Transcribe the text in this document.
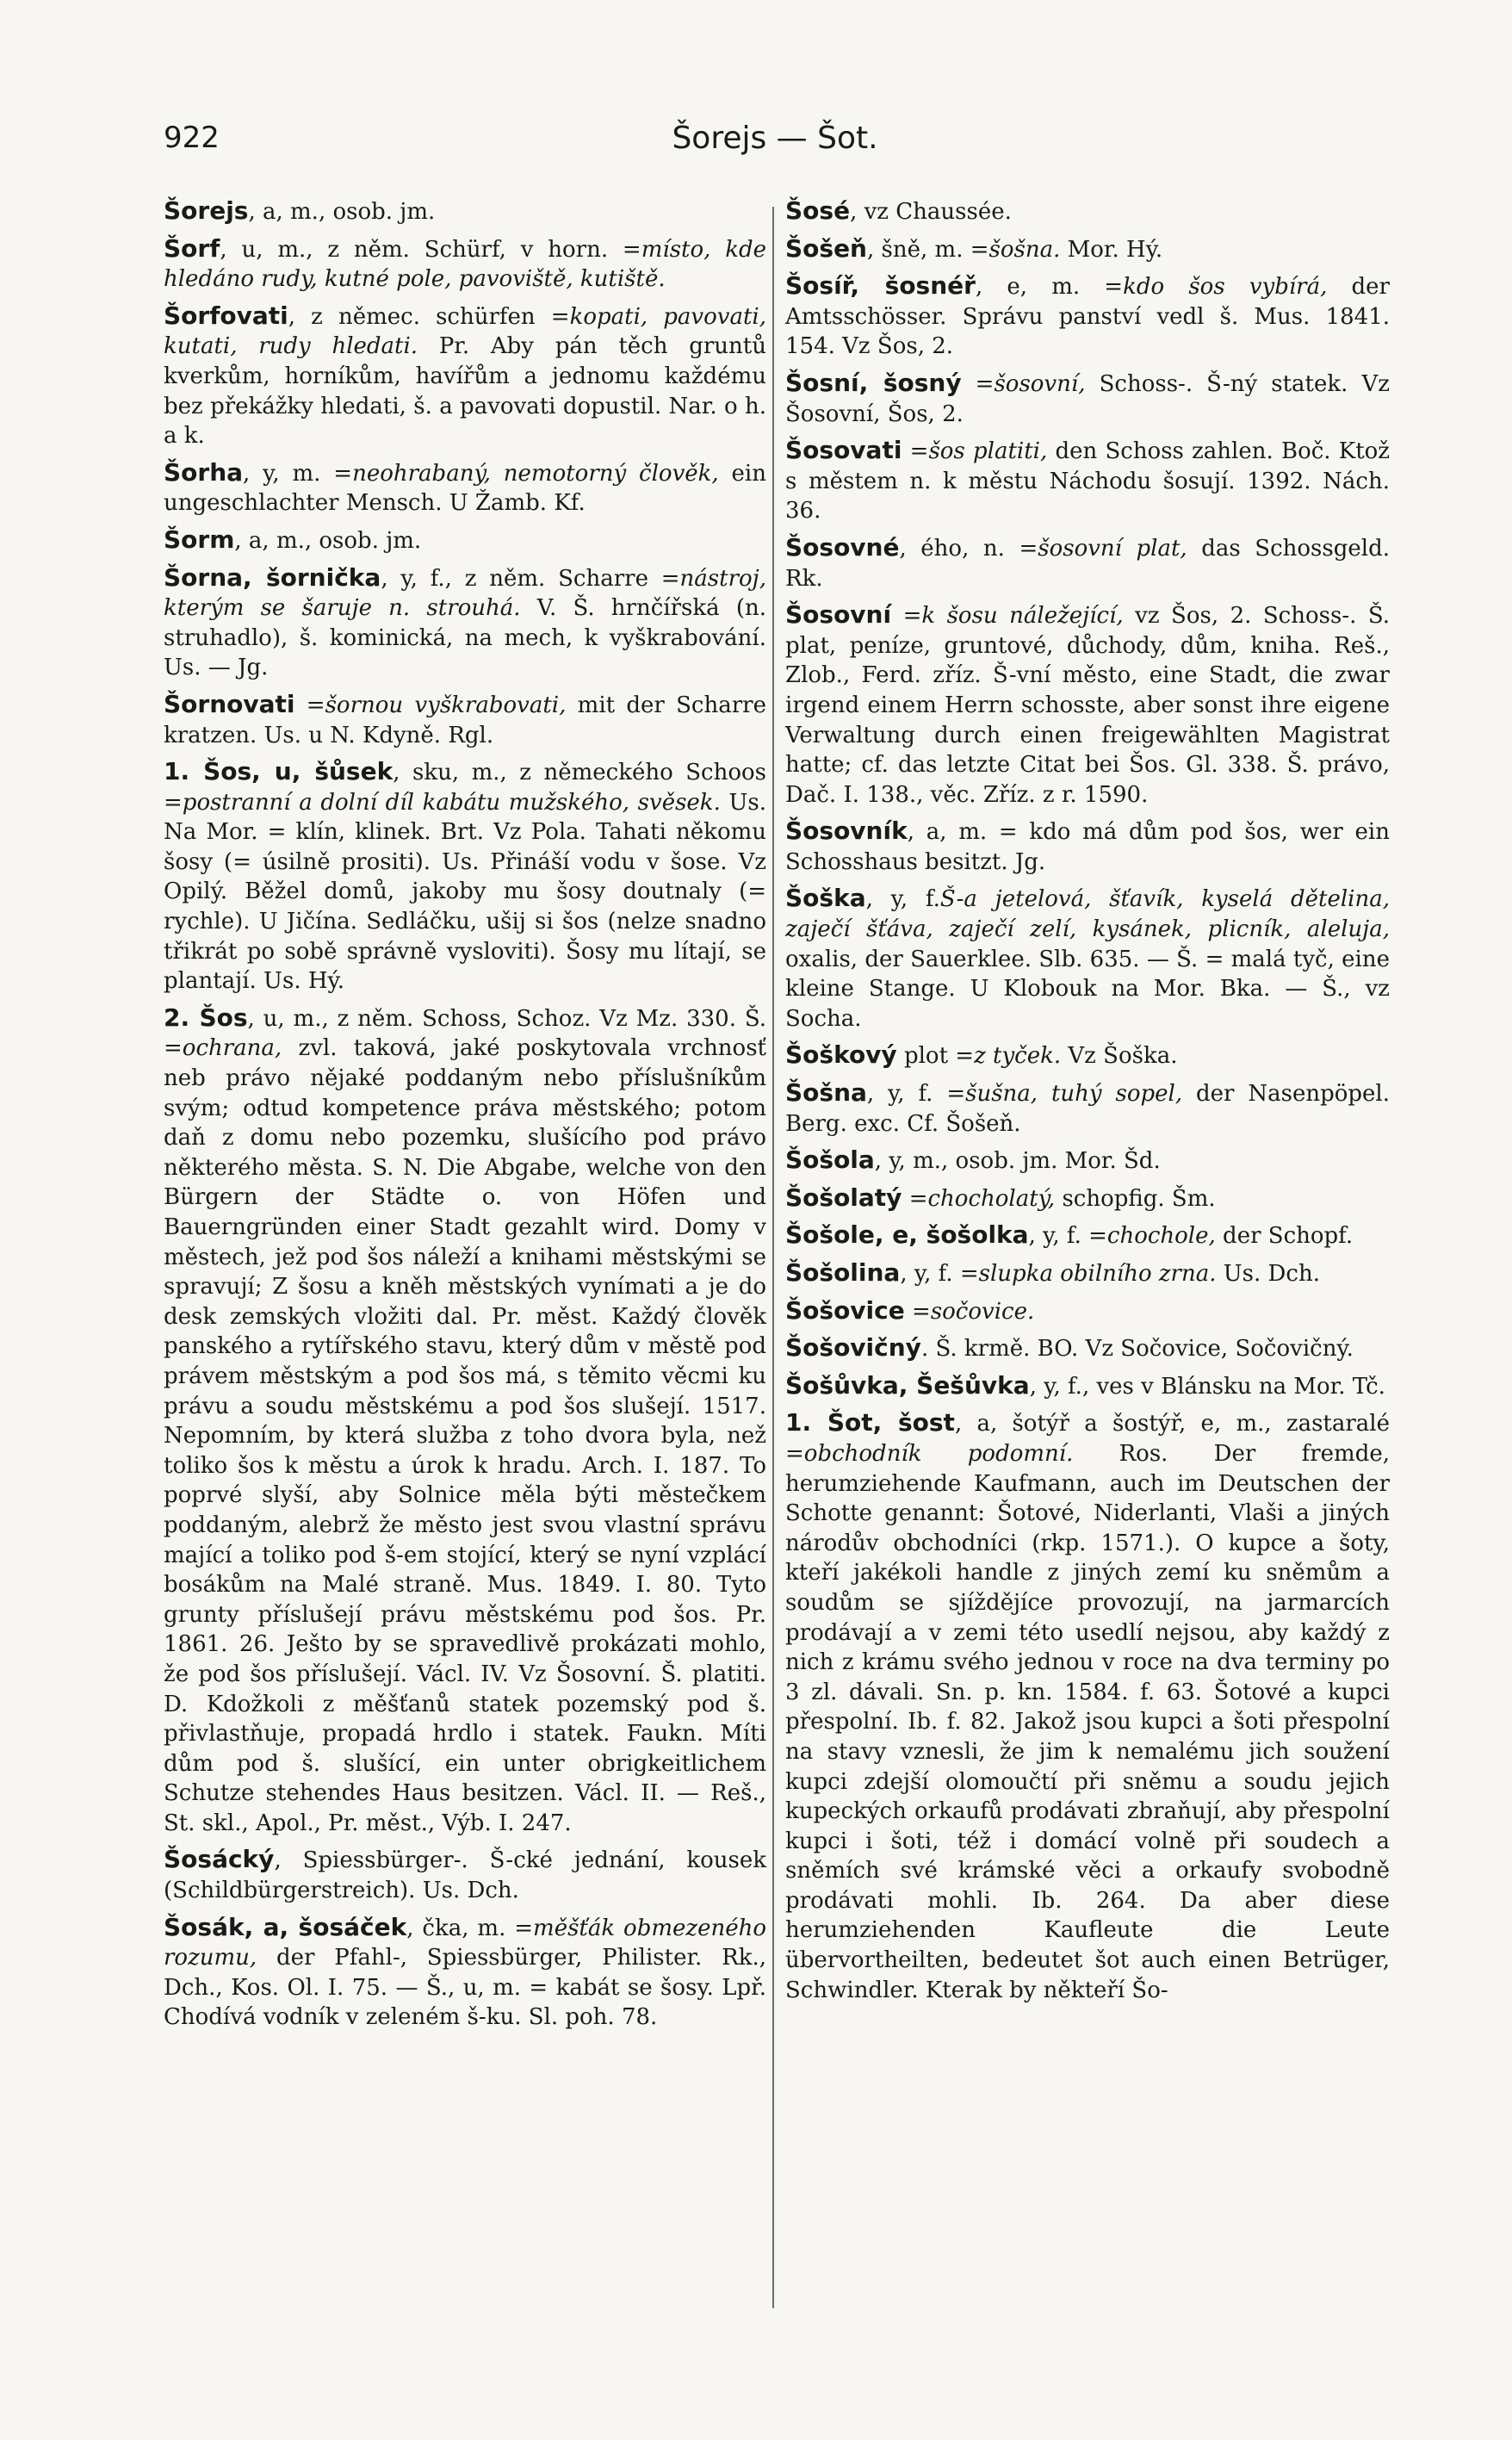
922	Šorejs — Šot.
Šorejs, a, m., osob. jm.
Šorf, u, m., z něm. Schürf, v horn. =místo, kde hledáno rudy, kutné pole, pavoviště, kutiště.
Šorfovati, z němec. schürfen =kopati, pavovati, kutati, rudy hledati. Pr. Aby pán těch gruntů kverkům, horníkům, havířům a jednomu každému bez překážky hledati, š. a pavovati dopustil. Nar. o h. a k.
Šorha, y, m. =neohrabaný, nemotorný člověk, ein ungeschlachter Mensch. U Žamb. Kf.
Šorm, a, m., osob. jm.
Šorna, šornička, y, f., z něm. Scharre =nástroj, kterým se šaruje n. strouhá. V. Š. hrnčířská (n. struhadlo), š. kominická, na mech, k vyškrabování. Us. — Jg.
Šornovati =šornou vyškrabovati, mit der Scharre kratzen. Us. u N. Kdyně. Rgl.
1. Šos, u, šůsek, sku, m., z německého Schoos =postranní a dolní díl kabátu mužského, svěsek. Us. Na Mor. = klín, klinek. Brt. Vz Pola. Tahati někomu šosy (= úsilně prositi). Us. Přináší vodu v šose. Vz Opilý. Běžel domů, jakoby mu šosy doutnaly (= rychle). U Jičína. Sedláčku, ušij si šos (nelze snadno třikrát po sobě správně vysloviti). Šosy mu lítají, se plantají. Us. Hý.
2. Šos, u, m., z něm. Schoss, Schoz. Vz Mz. 330. Š. =ochrana, zvl. taková, jaké poskytovala vrchnosť neb právo nějaké poddaným nebo příslušníkům svým; odtud kompetence práva městského; potom daň z domu nebo pozemku, slušícího pod právo některého města. S. N. Die Abgabe, welche von den Bürgern der Städte o. von Höfen und Bauerngründen einer Stadt gezahlt wird. Domy v městech, jež pod šos náleží a knihami městskými se spravují; Z šosu a kněh městských vynímati a je do desk zemských vložiti dal. Pr. měst. Každý člověk panského a rytířského stavu, který dům v městě pod právem městským a pod šos má, s těmito věcmi ku právu a soudu městskému a pod šos slušejí. 1517. Nepomním, by která služba z toho dvora byla, než toliko šos k městu a úrok k hradu. Arch. I. 187. To poprvé slyší, aby Solnice měla býti městečkem poddaným, alebrž že město jest svou vlastní správu mající a toliko pod š-em stojící, který se nyní vzplácí bosákům na Malé straně. Mus. 1849. I. 80. Tyto grunty příslušejí právu městskému pod šos. Pr. 1861. 26. Ješto by se spravedlivě prokázati mohlo, že pod šos příslušejí. Václ. IV. Vz Šosovní. Š. platiti. D. Kdožkoli z měšťanů statek pozemský pod š. přivlastňuje, propadá hrdlo i statek. Faukn. Míti dům pod š. slušící, ein unter obrigkeitlichem Schutze stehendes Haus besitzen. Václ. II. — Reš., St. skl., Apol., Pr. měst., Výb. I. 247.
Šosácký, Spiessbürger-. Š-cké jednání, kousek (Schildbürgerstreich). Us. Dch.
Šosák, a, šosáček, čka, m. =měšťák obmezeného rozumu, der Pfahl-, Spiessbürger, Philister. Rk., Dch., Kos. Ol. I. 75. — Š., u, m. = kabát se šosy. Lpř. Chodívá vodník v zeleném š-ku. Sl. poh. 78.
Šosé, vz Chaussée.
Šošeň, šně, m. =šošna. Mor. Hý.
Šosíř, šosnéř, e, m. =kdo šos vybírá, der Amtsschösser. Správu panství vedl š. Mus. 1841. 154. Vz Šos, 2.
Šosní, šosný =šosovní, Schoss-. Š-ný statek. Vz Šosovní, Šos, 2.
Šosovati =šos platiti, den Schoss zahlen. Boč. Ktož s městem n. k městu Náchodu šosují. 1392. Nách. 36.
Šosovné, ého, n. =šosovní plat, das Schossgeld. Rk.
Šosovní =k šosu náležející, vz Šos, 2. Schoss-. Š. plat, peníze, gruntové, důchody, dům, kniha. Reš., Zlob., Ferd. zříz. Š-vní město, eine Stadt, die zwar irgend einem Herrn schosste, aber sonst ihre eigene Verwaltung durch einen freigewählten Magistrat hatte; cf. das letzte Citat bei Šos. Gl. 338. Š. právo, Dač. I. 138., věc. Zříz. z r. 1590.
Šosovník, a, m. = kdo má dům pod šos, wer ein Schosshaus besitzt. Jg.
Šoška, y, f.Š-a jetelová, šťavík, kyselá dětelina, zaječí šťáva, zaječí zelí, kysánek, plicník, aleluja, oxalis, der Sauerklee. Slb. 635. — Š. = malá tyč, eine kleine Stange. U Klobouk na Mor. Bka. — Š., vz Socha.
Šoškový plot =z tyček. Vz Šoška.
Šošna, y, f. =šušna, tuhý sopel, der Nasenpöpel. Berg. exc. Cf. Šošeň.
Šošola, y, m., osob. jm. Mor. Šd.
Šošolatý =chocholatý, schopfig. Šm.
Šošole, e, šošolka, y, f. =chochole, der Schopf.
Šošolina, y, f. =slupka obilního zrna. Us. Dch.
Šošovice =sočovice.
Šošovičný. Š. krmě. BO. Vz Sočovice, Sočovičný.
Šošůvka, Šešůvka, y, f., ves v Blánsku na Mor. Tč.
1. Šot, šost, a, šotýř a šostýř, e, m., zastaralé =obchodník podomní. Ros. Der fremde, herumziehende Kaufmann, auch im Deutschen der Schotte genannt: Šotové, Niderlanti, Vlaši a jiných národův obchodníci (rkp. 1571.). O kupce a šoty, kteří jakékoli handle z jiných zemí ku sněmům a soudům se sjíždějíce provozují, na jarmarcích prodávají a v zemi této usedlí nejsou, aby každý z nich z krámu svého jednou v roce na dva terminy po 3 zl. dávali. Sn. p. kn. 1584. f. 63. Šotové a kupci přespolní. Ib. f. 82. Jakož jsou kupci a šoti přespolní na stavy vznesli, že jim k nemalému jich soužení kupci zdejší olomoučtí při sněmu a soudu jejich kupeckých orkaufů prodávati zbraňují, aby přespolní kupci i šoti, též i domácí volně při soudech a sněmích své krámské věci a orkaufy svobodně prodávati mohli. Ib. 264. Da aber diese herumziehenden Kaufleute die Leute übervortheilten, bedeutet šot auch einen Betrüger, Schwindler. Kterak by někteří Šo-
